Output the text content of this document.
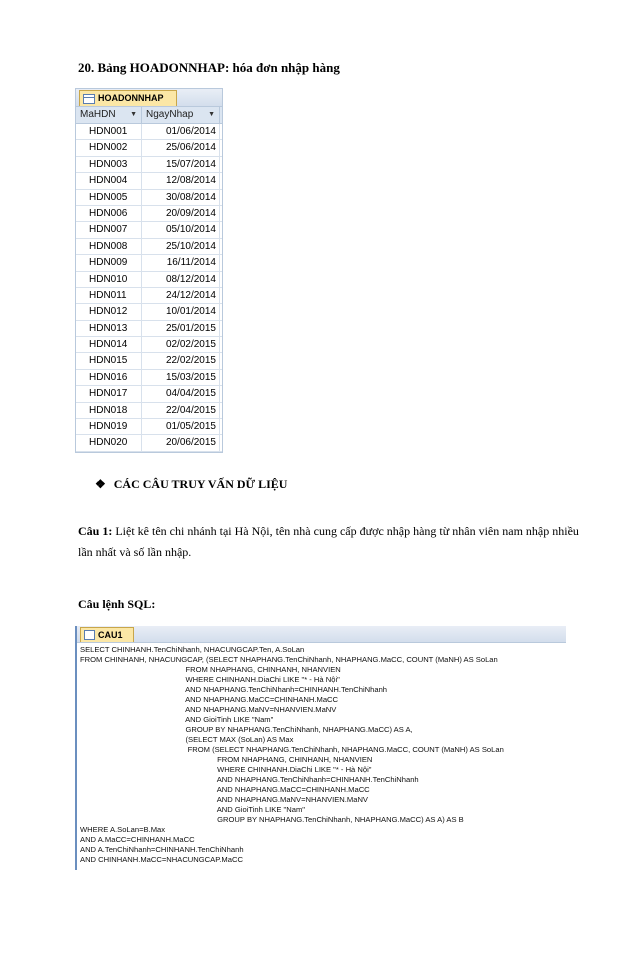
20. Bảng HOADONNHAP: hóa đơn nhập hàng
HOADONNHAP
MaHDN ▼ NgayNhap ▼
HDN001	01/06/2014
HDN002	25/06/2014
HDN003	15/07/2014
HDN004	12/08/2014
HDN005	30/08/2014
HDN006	20/09/2014
HDN007	05/10/2014
HDN008	25/10/2014
HDN009	16/11/2014
HDN010	08/12/2014
HDN011	24/12/2014
HDN012	10/01/2014
HDN013	25/01/2015
HDN014	02/02/2015
HDN015	22/02/2015
HDN016	15/03/2015
HDN017	04/04/2015
HDN018	22/04/2015
HDN019	01/05/2015
HDN020	20/06/2015
❖ CÁC CÂU TRUY VẤN DỮ LIỆU
Câu 1: Liệt kê tên chi nhánh tại Hà Nội, tên nhà cung cấp được nhập hàng từ nhân viên nam nhập nhiều lần nhất và số lần nhập.
Câu lệnh SQL:
CAU1
SELECT CHINHANH.TenChiNhanh, NHACUNGCAP.Ten, A.SoLan
FROM CHINHANH, NHACUNGCAP, (SELECT NHAPHANG.TenChiNhanh, NHAPHANG.MaCC, COUNT (MaNH) AS SoLan
FROM NHAPHANG, CHINHANH, NHANVIEN
WHERE CHINHANH.DiaChi LIKE "* - Hà Nội"
AND NHAPHANG.TenChiNhanh=CHINHANH.TenChiNhanh
AND NHAPHANG.MaCC=CHINHANH.MaCC
AND NHAPHANG.MaNV=NHANVIEN.MaNV
AND GioiTinh LIKE "Nam"
GROUP BY NHAPHANG.TenChiNhanh, NHAPHANG.MaCC) AS A,
(SELECT MAX (SoLan) AS Max
FROM (SELECT NHAPHANG.TenChiNhanh, NHAPHANG.MaCC, COUNT (MaNH) AS SoLan
FROM NHAPHANG, CHINHANH, NHANVIEN
WHERE CHINHANH.DiaChi LIKE "* - Hà Nội"
AND NHAPHANG.TenChiNhanh=CHINHANH.TenChiNhanh
AND NHAPHANG.MaCC=CHINHANH.MaCC
AND NHAPHANG.MaNV=NHANVIEN.MaNV
AND GioiTinh LIKE "Nam"
GROUP BY NHAPHANG.TenChiNhanh, NHAPHANG.MaCC) AS A) AS B
WHERE A.SoLan=B.Max
AND A.MaCC=CHINHANH.MaCC
AND A.TenChiNhanh=CHINHANH.TenChiNhanh
AND CHINHANH.MaCC=NHACUNGCAP.MaCC
